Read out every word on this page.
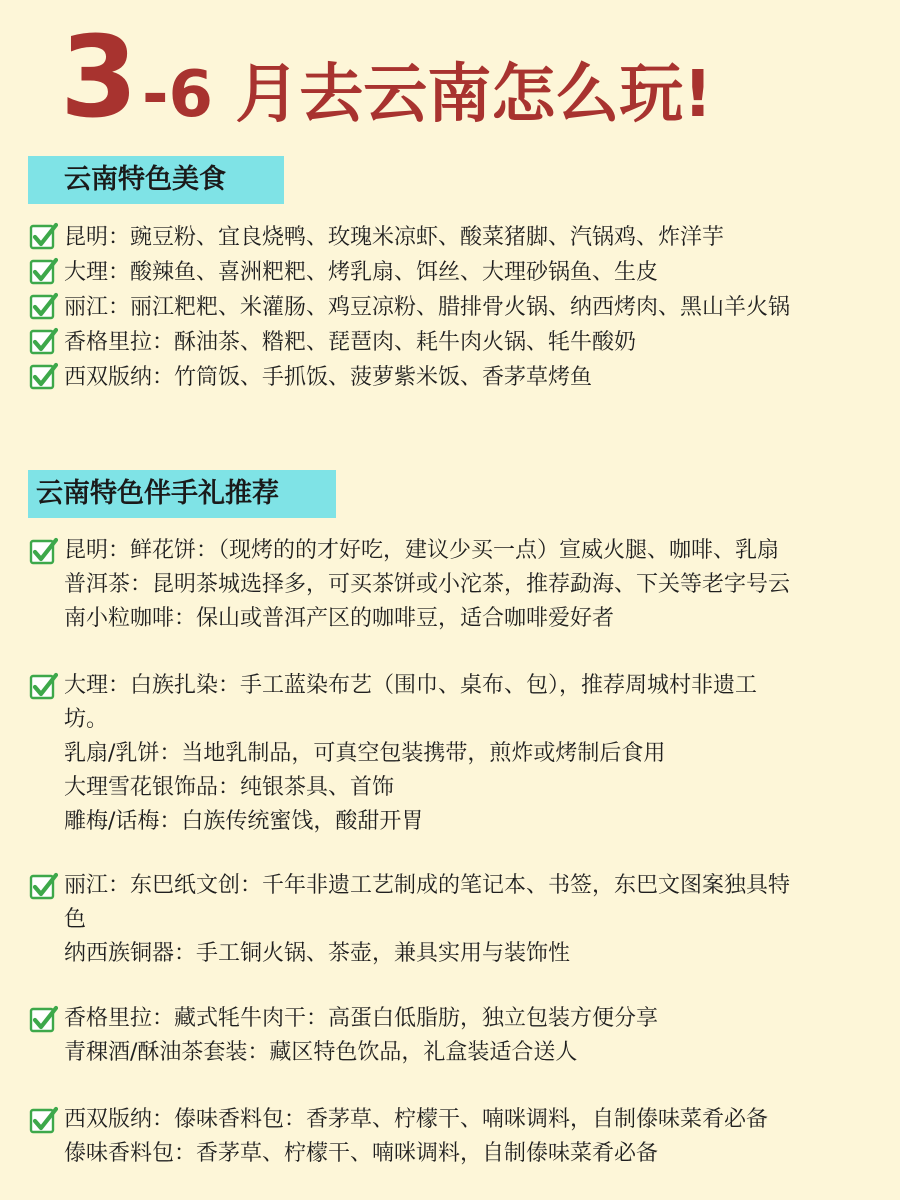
3 -6 月去云南怎么玩!
云南特色美食
昆明：豌豆粉、宜良烧鸭、玫瑰米凉虾、酸菜猪脚、汽锅鸡、炸洋芋
大理：酸辣鱼、喜洲粑粑、烤乳扇、饵丝、大理砂锅鱼、生皮
丽江：丽江粑粑、米灌肠、鸡豆凉粉、腊排骨火锅、纳西烤肉、黑山羊火锅
香格里拉：酥油茶、糌粑、琵琶肉、耗牛肉火锅、牦牛酸奶
西双版纳：竹筒饭、手抓饭、菠萝紫米饭、香茅草烤鱼
云南特色伴手礼推荐
昆明：鲜花饼：（现烤的的才好吃，建议少买一点）宣威火腿、咖啡、乳扇
普洱茶：昆明茶城选择多，可买茶饼或小沱茶，推荐勐海、下关等老字号云
南小粒咖啡：保山或普洱产区的咖啡豆，适合咖啡爱好者
大理：白族扎染：手工蓝染布艺（围巾、桌布、包），推荐周城村非遗工
坊。
乳扇/乳饼：当地乳制品，可真空包装携带，煎炸或烤制后食用
大理雪花银饰品：纯银茶具、首饰
雕梅/话梅：白族传统蜜饯，酸甜开胃
丽江：东巴纸文创：千年非遗工艺制成的笔记本、书签，东巴文图案独具特
色
纳西族铜器：手工铜火锅、茶壶，兼具实用与装饰性
香格里拉：藏式牦牛肉干：高蛋白低脂肪，独立包装方便分享
青稞酒/酥油茶套装：藏区特色饮品，礼盒装适合送人
西双版纳：傣味香料包：香茅草、柠檬干、喃咪调料，自制傣味菜肴必备
傣味香料包：香茅草、柠檬干、喃咪调料，自制傣味菜肴必备
